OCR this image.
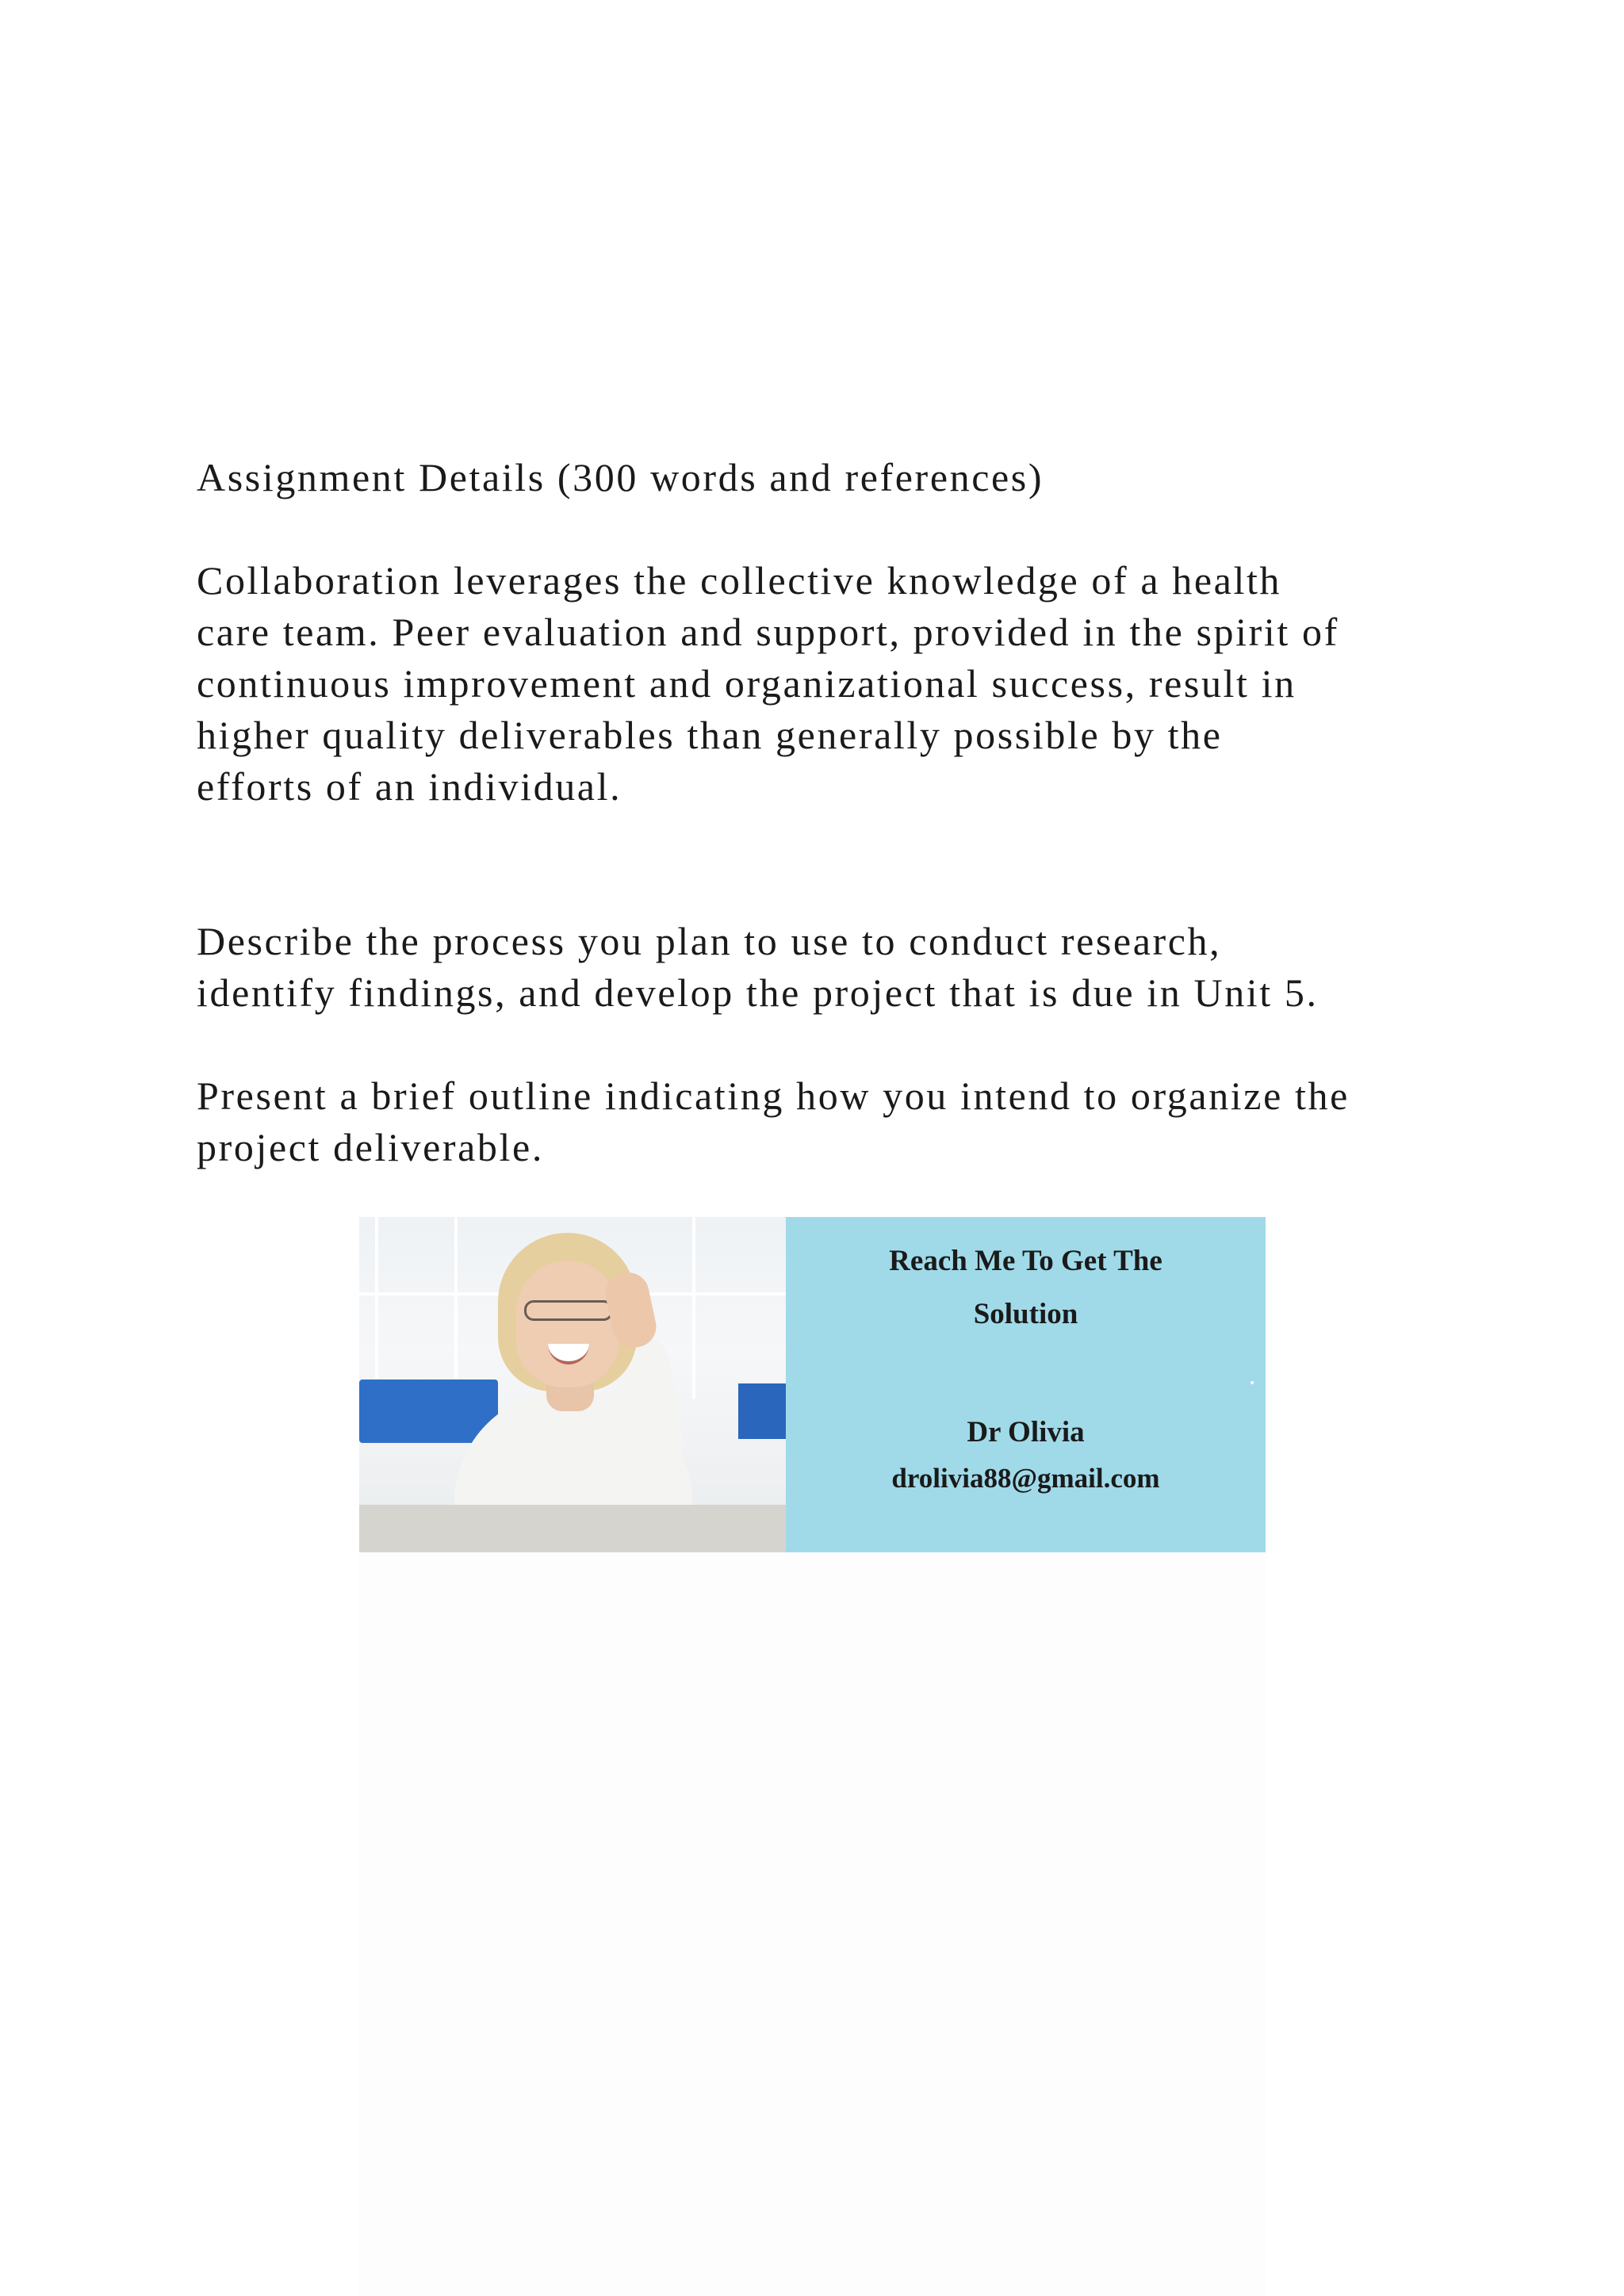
Assignment Details (300 words and references)

Collaboration leverages the collective knowledge of a health
care team. Peer evaluation and support, provided in the spirit of
continuous improvement and organizational success, result in
higher quality deliverables than generally possible by the
efforts of an individual.

Describe the process you plan to use to conduct research,
identify findings, and develop the project that is due in Unit 5.

Present a brief outline indicating how you intend to organize the
project deliverable.

Reach Me To Get The
Solution
Dr Olivia
drolivia88@gmail.com
